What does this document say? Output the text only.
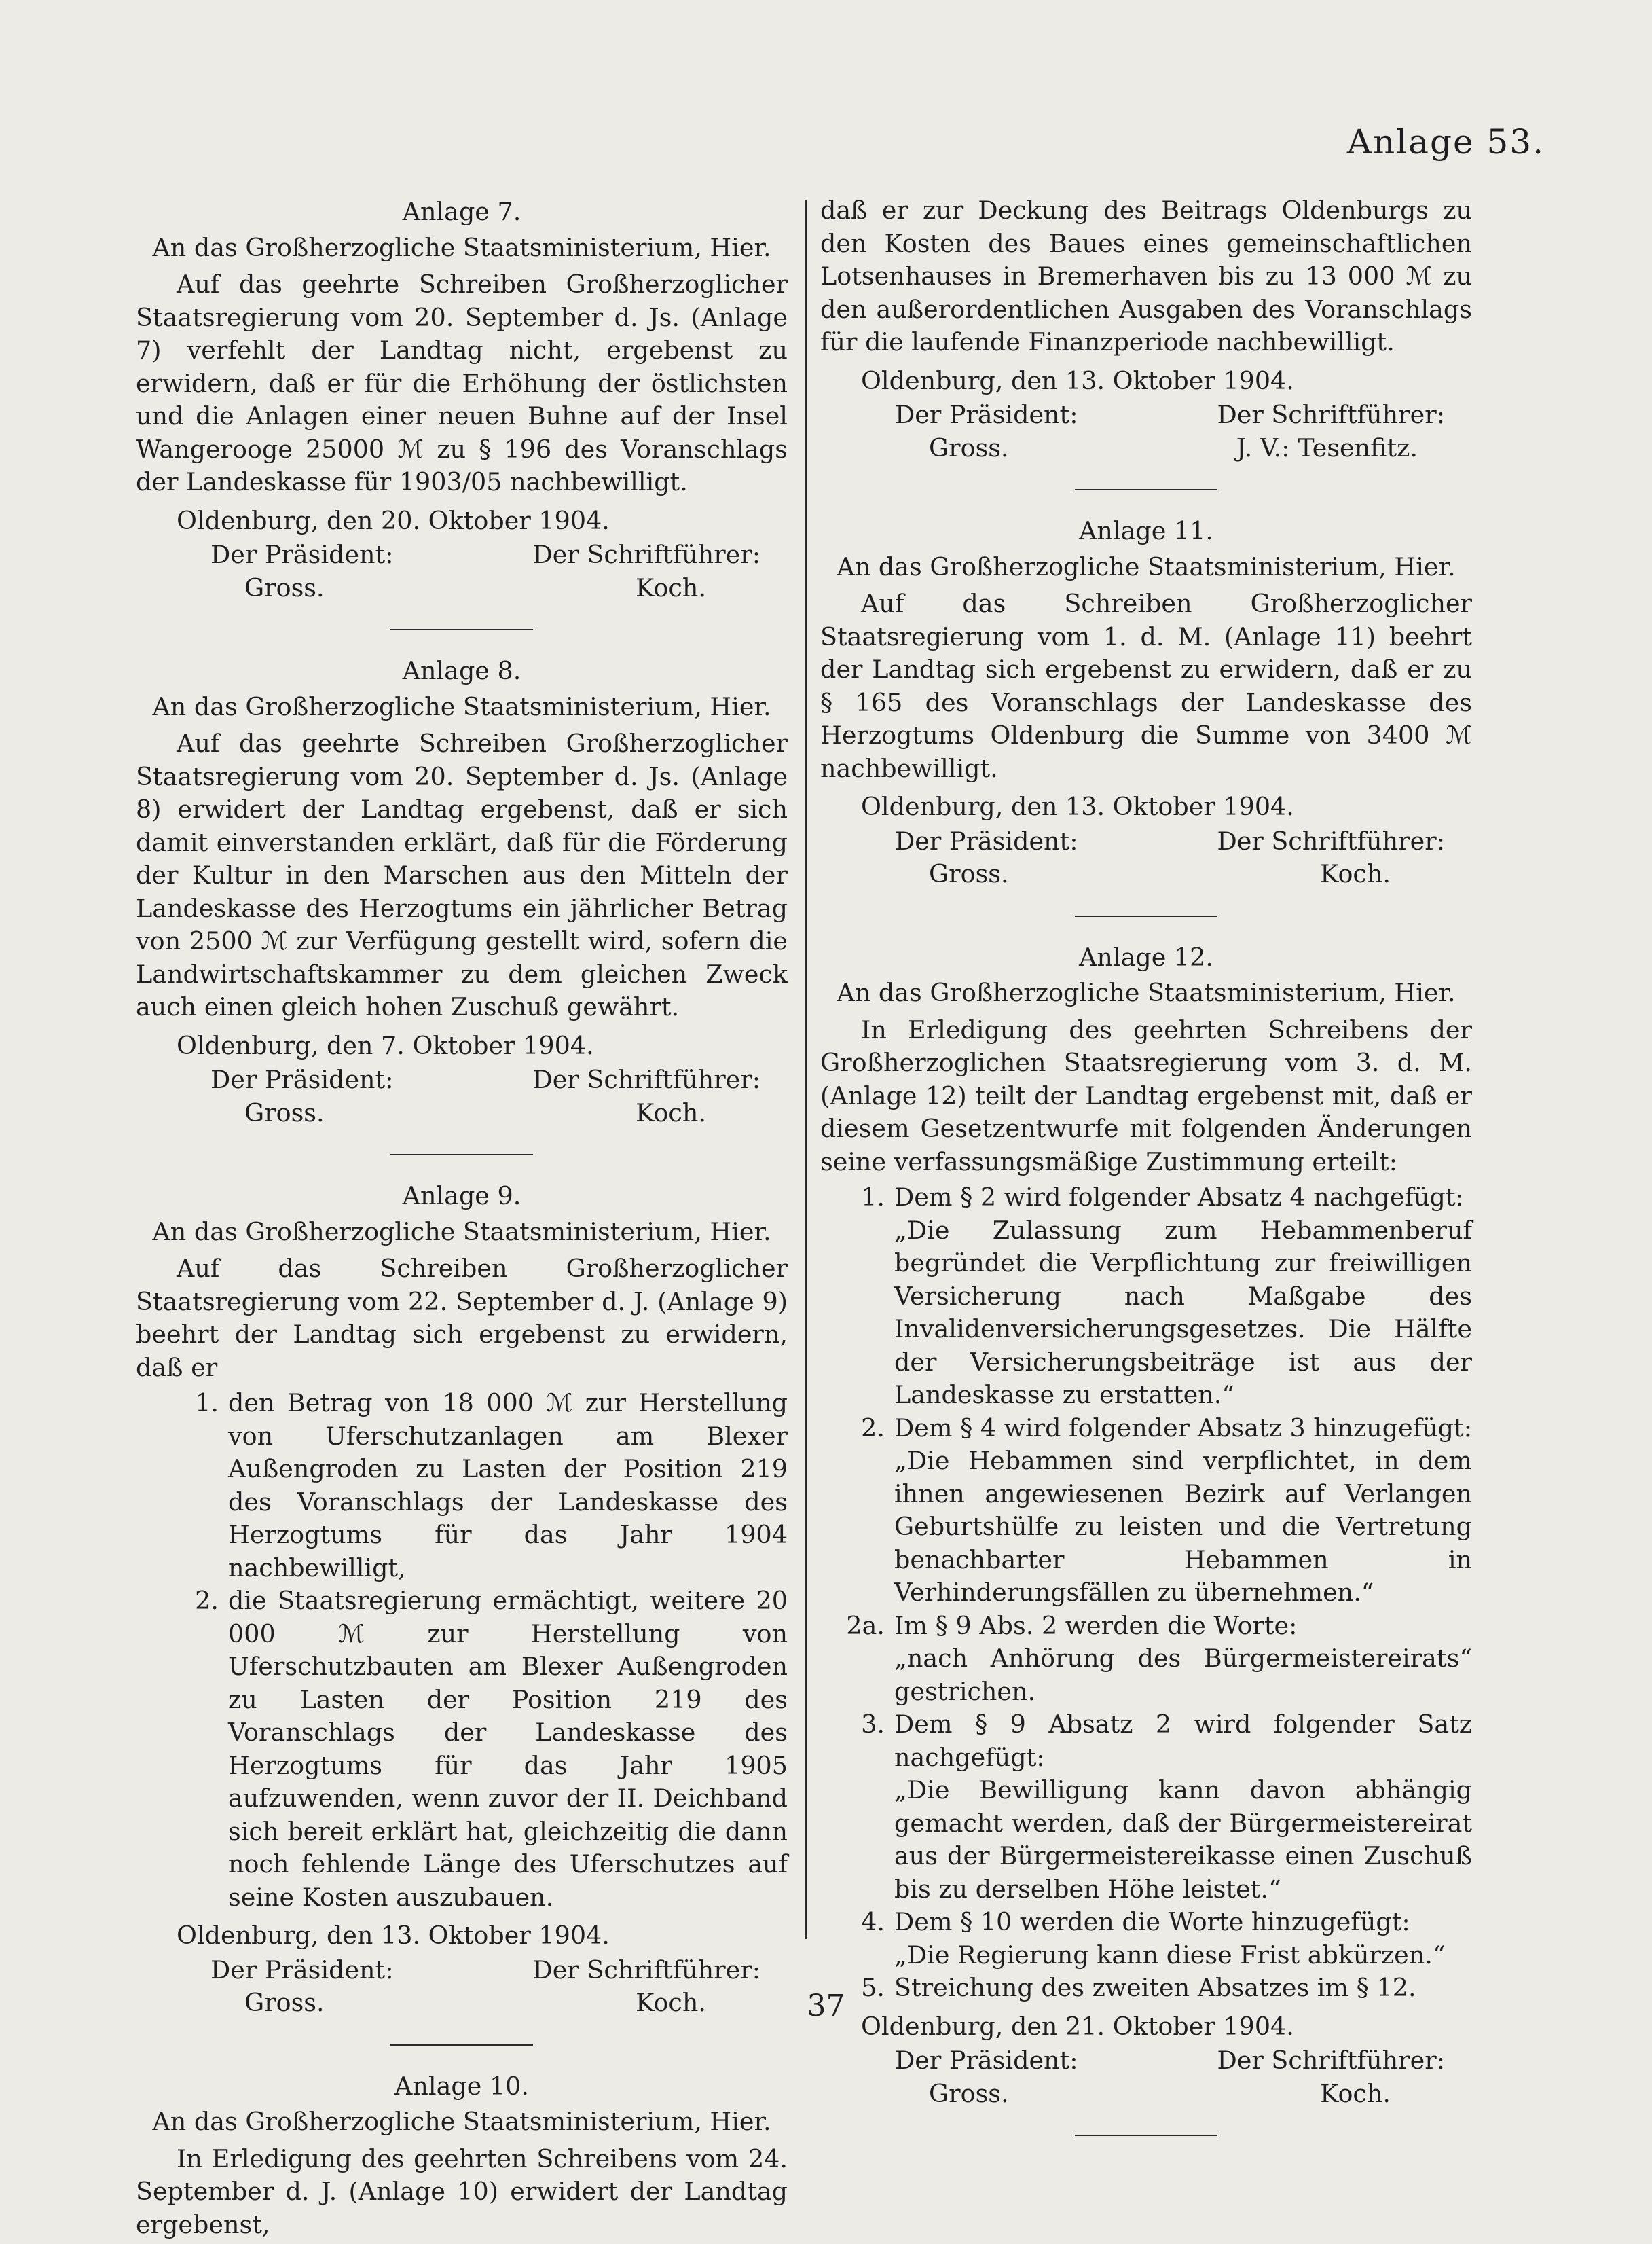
Anlage 53.
Anlage 7.
An das Großherzogliche Staatsministerium, Hier.
Auf das geehrte Schreiben Großherzoglicher Staatsregierung vom 20. September d. Js. (Anlage 7) verfehlt der Landtag nicht, ergebenst zu erwidern, daß er für die Erhöhung der östlichsten und die Anlagen einer neuen Buhne auf der Insel Wangerooge 25000 ℳ zu § 196 des Voranschlags der Landeskasse für 1903/05 nachbewilligt.
Oldenburg, den 20. Oktober 1904.
Der Präsident:	Der Schriftführer:
Gross.	Koch.
Anlage 8.
An das Großherzogliche Staatsministerium, Hier.
Auf das geehrte Schreiben Großherzoglicher Staatsregierung vom 20. September d. Js. (Anlage 8) erwidert der Landtag ergebenst, daß er sich damit einverstanden erklärt, daß für die Förderung der Kultur in den Marschen aus den Mitteln der Landeskasse des Herzogtums ein jährlicher Betrag von 2500 ℳ zur Verfügung gestellt wird, sofern die Landwirtschaftskammer zu dem gleichen Zweck auch einen gleich hohen Zuschuß gewährt.
Oldenburg, den 7. Oktober 1904.
Der Präsident:	Der Schriftführer:
Gross.	Koch.
Anlage 9.
An das Großherzogliche Staatsministerium, Hier.
Auf das Schreiben Großherzoglicher Staatsregierung vom 22. September d. J. (Anlage 9) beehrt der Landtag sich ergebenst zu erwidern, daß er
1. den Betrag von 18 000 ℳ zur Herstellung von Uferschutzanlagen am Blexer Außengroden zu Lasten der Position 219 des Voranschlags der Landeskasse des Herzogtums für das Jahr 1904 nachbewilligt,
2. die Staatsregierung ermächtigt, weitere 20 000 ℳ zur Herstellung von Uferschutzbauten am Blexer Außengroden zu Lasten der Position 219 des Voranschlags der Landeskasse des Herzogtums für das Jahr 1905 aufzuwenden, wenn zuvor der II. Deichband sich bereit erklärt hat, gleichzeitig die dann noch fehlende Länge des Uferschutzes auf seine Kosten auszubauen.
Oldenburg, den 13. Oktober 1904.
Der Präsident:	Der Schriftführer:
Gross.	Koch.
Anlage 10.
An das Großherzogliche Staatsministerium, Hier.
In Erledigung des geehrten Schreibens vom 24. September d. J. (Anlage 10) erwidert der Landtag ergebenst,
daß er zur Deckung des Beitrags Oldenburgs zu den Kosten des Baues eines gemeinschaftlichen Lotsenhauses in Bremerhaven bis zu 13 000 ℳ zu den außerordentlichen Ausgaben des Voranschlags für die laufende Finanzperiode nachbewilligt.
Oldenburg, den 13. Oktober 1904.
Der Präsident:	Der Schriftführer:
Gross.	J. V.: Tesenfitz.
Anlage 11.
An das Großherzogliche Staatsministerium, Hier.
Auf das Schreiben Großherzoglicher Staatsregierung vom 1. d. M. (Anlage 11) beehrt der Landtag sich ergebenst zu erwidern, daß er zu § 165 des Voranschlags der Landeskasse des Herzogtums Oldenburg die Summe von 3400 ℳ nachbewilligt.
Oldenburg, den 13. Oktober 1904.
Der Präsident:	Der Schriftführer:
Gross.	Koch.
Anlage 12.
An das Großherzogliche Staatsministerium, Hier.
In Erledigung des geehrten Schreibens der Großherzoglichen Staatsregierung vom 3. d. M. (Anlage 12) teilt der Landtag ergebenst mit, daß er diesem Gesetzentwurfe mit folgenden Änderungen seine verfassungsmäßige Zustimmung erteilt:
1. Dem § 2 wird folgender Absatz 4 nachgefügt:
„Die Zulassung zum Hebammenberuf begründet die Verpflichtung zur freiwilligen Versicherung nach Maßgabe des Invalidenversicherungsgesetzes. Die Hälfte der Versicherungsbeiträge ist aus der Landeskasse zu erstatten.“
2. Dem § 4 wird folgender Absatz 3 hinzugefügt:
„Die Hebammen sind verpflichtet, in dem ihnen angewiesenen Bezirk auf Verlangen Geburtshülfe zu leisten und die Vertretung benachbarter Hebammen in Verhinderungsfällen zu übernehmen.“
2a. Im § 9 Abs. 2 werden die Worte:
„nach Anhörung des Bürgermeistereirats“ gestrichen.
3. Dem § 9 Absatz 2 wird folgender Satz nachgefügt:
„Die Bewilligung kann davon abhängig gemacht werden, daß der Bürgermeistereirat aus der Bürgermeistereikasse einen Zuschuß bis zu derselben Höhe leistet.“
4. Dem § 10 werden die Worte hinzugefügt:
„Die Regierung kann diese Frist abkürzen.“
5. Streichung des zweiten Absatzes im § 12.
Oldenburg, den 21. Oktober 1904.
Der Präsident:	Der Schriftführer:
Gross.	Koch.
37
